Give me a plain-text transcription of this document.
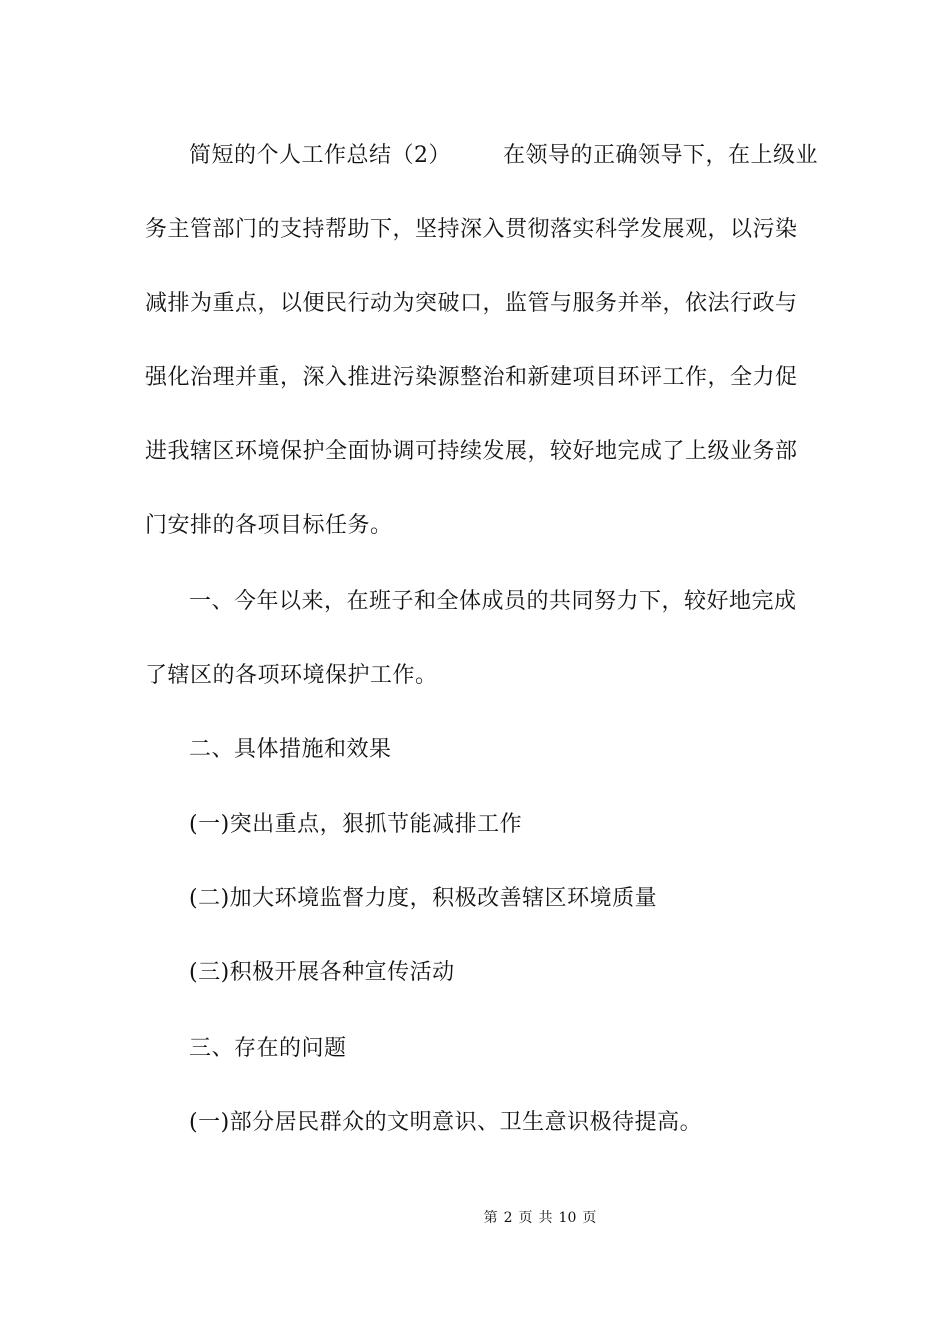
简短的个人工作总结（2） 在领导的正确领导下，在上级业
务主管部门的支持帮助下，坚持深入贯彻落实科学发展观，以污染
减排为重点，以便民行动为突破口，监管与服务并举，依法行政与
强化治理并重，深入推进污染源整治和新建项目环评工作，全力促
进我辖区环境保护全面协调可持续发展，较好地完成了上级业务部
门安排的各项目标任务。
一、今年以来，在班子和全体成员的共同努力下，较好地完成
了辖区的各项环境保护工作。
二、具体措施和效果
(一)突出重点，狠抓节能减排工作
(二)加大环境监督力度，积极改善辖区环境质量
(三)积极开展各种宣传活动
三、存在的问题
(一)部分居民群众的文明意识、卫生意识极待提高。
第 2 页 共 10 页
